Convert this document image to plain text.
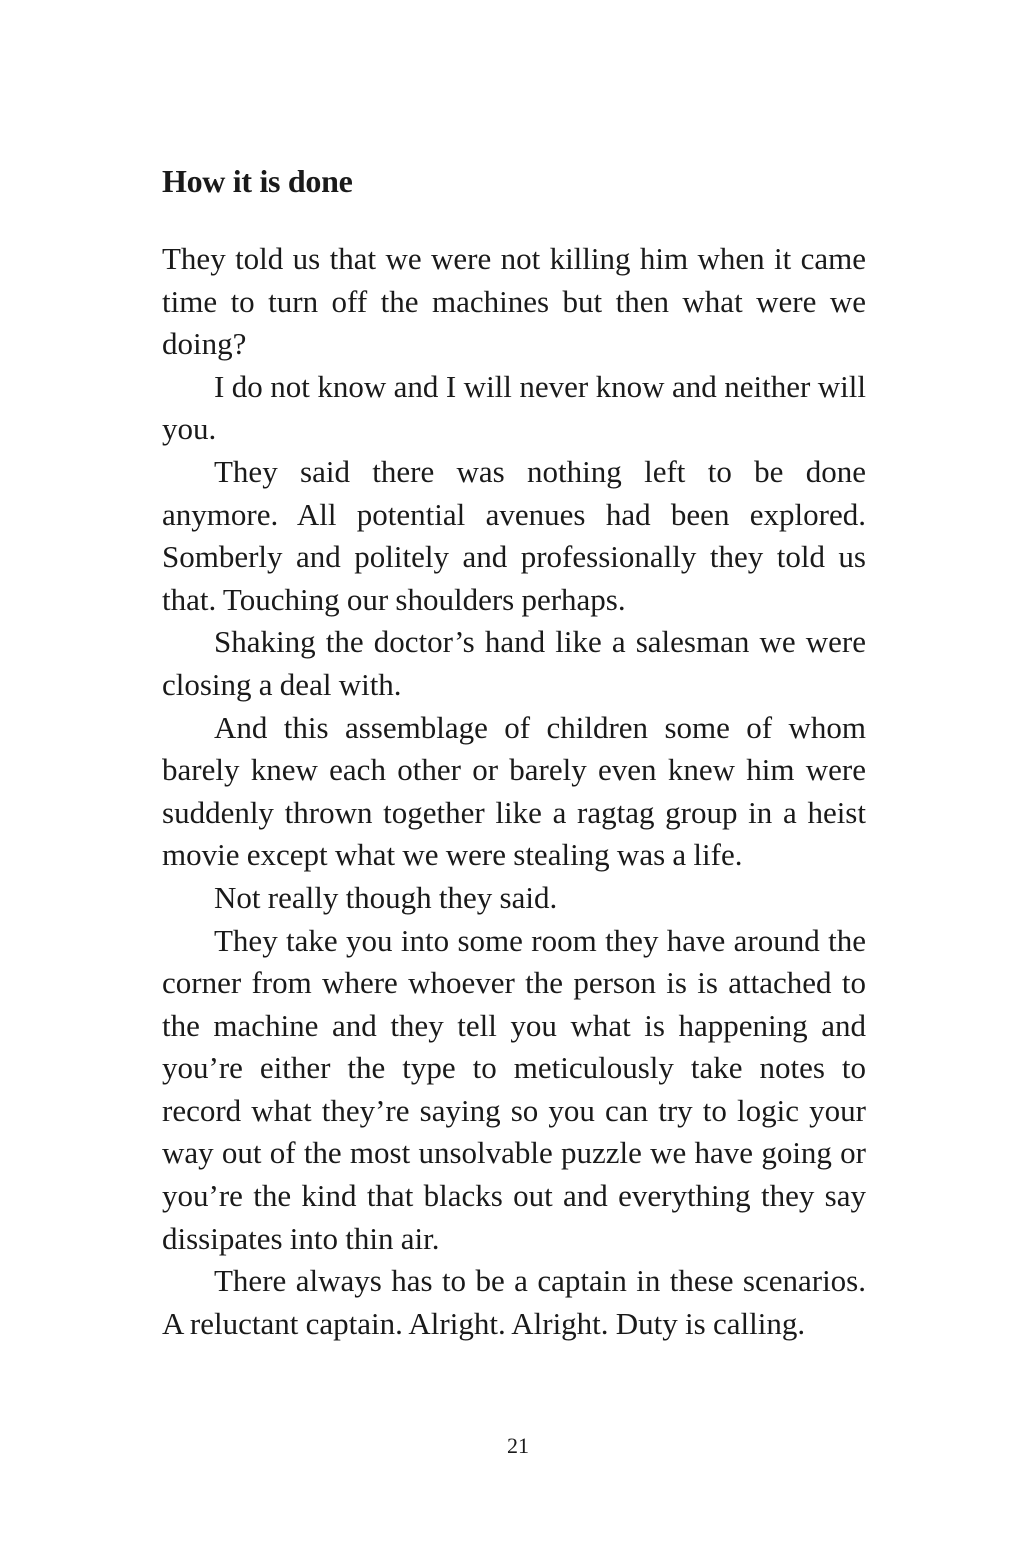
How it is done

They told us that we were not killing him when it came time to turn off the machines but then what were we doing?

I do not know and I will never know and neither will you.

They said there was nothing left to be done anymore. All potential avenues had been explored. Somberly and politely and professionally they told us that. Touching our shoulders perhaps.

Shaking the doctor’s hand like a salesman we were closing a deal with.

And this assemblage of children some of whom barely knew each other or barely even knew him were suddenly thrown together like a ragtag group in a heist movie except what we were stealing was a life.

Not really though they said.

They take you into some room they have around the corner from where whoever the person is is attached to the machine and they tell you what is happening and you’re either the type to meticulously take notes to record what they’re saying so you can try to logic your way out of the most unsolvable puzzle we have going or you’re the kind that blacks out and everything they say dissipates into thin air.

There always has to be a captain in these scenarios. A reluctant captain. Alright. Alright. Duty is calling.

21
